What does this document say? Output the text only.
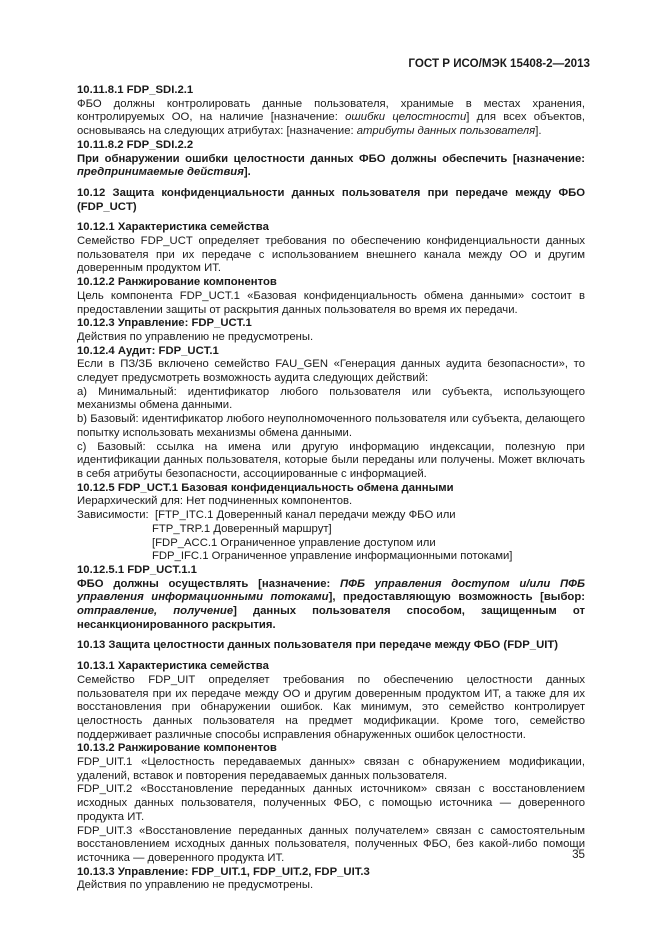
ГОСТ Р ИСО/МЭК 15408-2—2013

10.11.8.1 FDP_SDI.2.1

ФБО должны контролировать данные пользователя, хранимые в местах хранения, контролируемых ОО, на наличие [назначение: ошибки целостности] для всех объектов, основываясь на следующих атрибутах: [назначение: атрибуты данных пользователя].

10.11.8.2 FDP_SDI.2.2

При обнаружении ошибки целостности данных ФБО должны обеспечить [назначение: предпринимаемые действия].

10.12 Защита конфиденциальности данных пользователя при передаче между ФБО (FDP_UCT)

10.12.1 Характеристика семейства

Семейство FDP_UCT определяет требования по обеспечению конфиденциальности данных пользователя при их передаче с использованием внешнего канала между ОО и другим доверенным продуктом ИТ.

10.12.2 Ранжирование компонентов

Цель компонента FDP_UCT.1 «Базовая конфиденциальность обмена данными» состоит в предоставлении защиты от раскрытия данных пользователя во время их передачи.

10.12.3 Управление: FDP_UCT.1

Действия по управлению не предусмотрены.

10.12.4 Аудит: FDP_UCT.1

Если в ПЗ/ЗБ включено семейство FAU_GEN «Генерация данных аудита безопасности», то следует предусмотреть возможность аудита следующих действий:

a) Минимальный: идентификатор любого пользователя или субъекта, использующего механизмы обмена данными.

b) Базовый: идентификатор любого неуполномоченного пользователя или субъекта, делающего попытку использовать механизмы обмена данными.

c) Базовый: ссылка на имена или другую информацию индексации, полезную при идентификации данных пользователя, которые были переданы или получены. Может включать в себя атрибуты безопасности, ассоциированные с информацией.

10.12.5 FDP_UCT.1 Базовая конфиденциальность обмена данными

Иерархический для: Нет подчиненных компонентов.

Зависимости: [FTP_ITC.1 Доверенный канал передачи между ФБО или

FTP_TRP.1 Доверенный маршрут]

[FDP_ACC.1 Ограниченное управление доступом или

FDP_IFC.1 Ограниченное управление информационными потоками]

10.12.5.1 FDP_UCT.1.1

ФБО должны осуществлять [назначение: ПФБ управления доступом и/или ПФБ управления информационными потоками], предоставляющую возможность [выбор: отправление, получение] данных пользователя способом, защищенным от несанкционированного раскрытия.

10.13 Защита целостности данных пользователя при передаче между ФБО (FDP_UIT)

10.13.1 Характеристика семейства

Семейство FDP_UIT определяет требования по обеспечению целостности данных пользователя при их передаче между ОО и другим доверенным продуктом ИТ, а также для их восстановления при обнаружении ошибок. Как минимум, это семейство контролирует целостность данных пользователя на предмет модификации. Кроме того, семейство поддерживает различные способы исправления обнаруженных ошибок целостности.

10.13.2 Ранжирование компонентов

FDP_UIT.1 «Целостность передаваемых данных» связан с обнаружением модификации, удалений, вставок и повторения передаваемых данных пользователя.

FDP_UIT.2 «Восстановление переданных данных источником» связан с восстановлением исходных данных пользователя, полученных ФБО, с помощью источника — доверенного продукта ИТ.

FDP_UIT.3 «Восстановление переданных данных получателем» связан с самостоятельным восстановлением исходных данных пользователя, полученных ФБО, без какой-либо помощи источника — доверенного продукта ИТ.

10.13.3 Управление: FDP_UIT.1, FDP_UIT.2, FDP_UIT.3

Действия по управлению не предусмотрены.

35
